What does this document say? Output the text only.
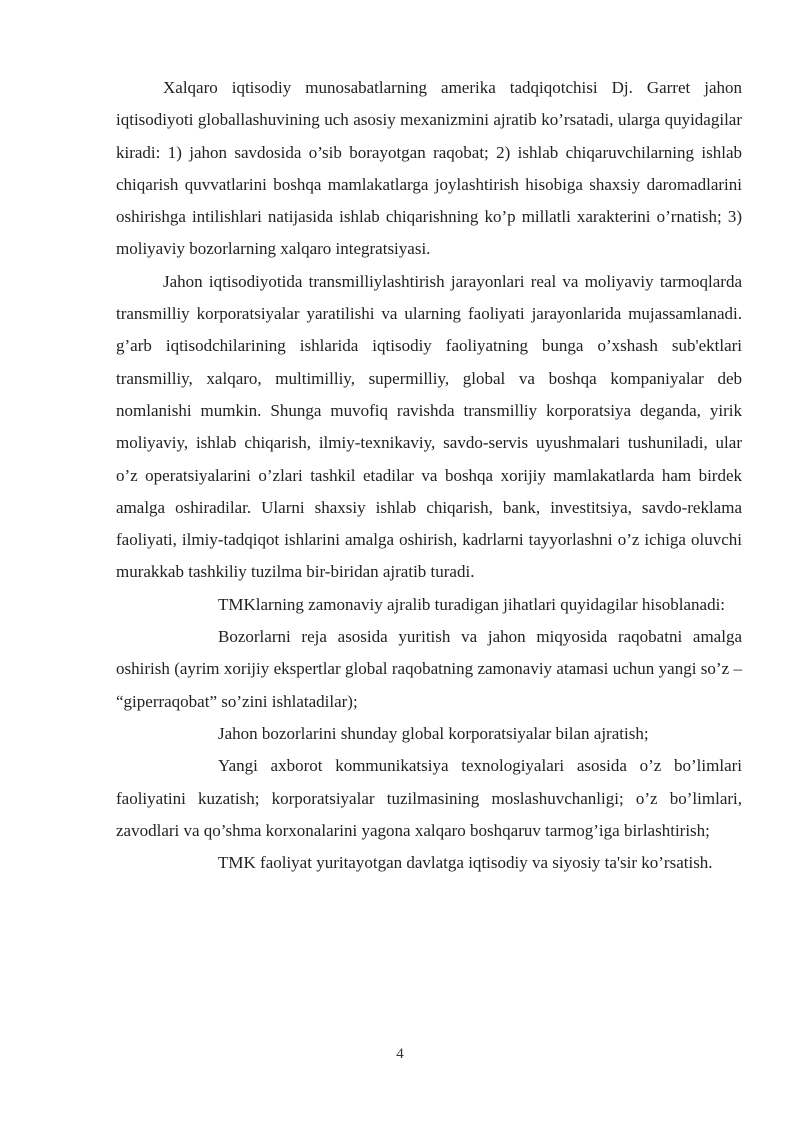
Xalqaro iqtisodiy munosabatlarning amerika tadqiqotchisi Dj. Garret jahon iqtisodiyoti globallashuvining uch asosiy mexanizmini ajratib ko’rsatadi, ularga quyidagilar kiradi: 1) jahon savdosida o’sib borayotgan raqobat; 2) ishlab chiqaruvchilarning ishlab chiqarish quvvatlarini boshqa mamlakatlarga joylashtirish hisobiga shaxsiy daromadlarini oshirishga intilishlari natijasida ishlab chiqarishning ko’p millatli xarakterini o’rnatish; 3) moliyaviy bozorlarning xalqaro integratsiyasi.

Jahon iqtisodiyotida transmilliylashtirish jarayonlari real va moliyaviy tarmoqlarda transmilliy korporatsiyalar yaratilishi va ularning faoliyati jarayonlarida mujassamlanadi. g’arb iqtisodchilarining ishlarida iqtisodiy faoliyatning bunga o’xshash sub'ektlari transmilliy, xalqaro, multimilliy, supermilliy, global va boshqa kompaniyalar deb nomlanishi mumkin. Shunga muvofiq ravishda transmilliy korporatsiya deganda, yirik moliyaviy, ishlab chiqarish, ilmiy-texnikaviy, savdo-servis uyushmalari tushuniladi, ular o’z operatsiyalarini o’zlari tashkil etadilar va boshqa xorijiy mamlakatlarda ham birdek amalga oshiradilar. Ularni shaxsiy ishlab chiqarish, bank, investitsiya, savdo-reklama faoliyati, ilmiy-tadqiqot ishlarini amalga oshirish, kadrlarni tayyorlashni o’z ichiga oluvchi murakkab tashkiliy tuzilma bir-biridan ajratib turadi.

TMKlarning zamonaviy ajralib turadigan jihatlari quyidagilar hisoblanadi:

Bozorlarni reja asosida yuritish va jahon miqyosida raqobatni amalga oshirish (ayrim xorijiy ekspertlar global raqobatning zamonaviy atamasi uchun yangi so’z – “giperraqobat” so’zini ishlatadilar);

Jahon bozorlarini shunday global korporatsiyalar bilan ajratish;

Yangi axborot kommunikatsiya texnologiyalari asosida o’z bo’limlari faoliyatini kuzatish; korporatsiyalar tuzilmasining moslashuvchanligi; o’z bo’limlari, zavodlari va qo’shma korxonalarini yagona xalqaro boshqaruv tarmog’iga birlashtirish;

TMK faoliyat yuritayotgan davlatga iqtisodiy va siyosiy ta'sir ko’rsatish.

4
